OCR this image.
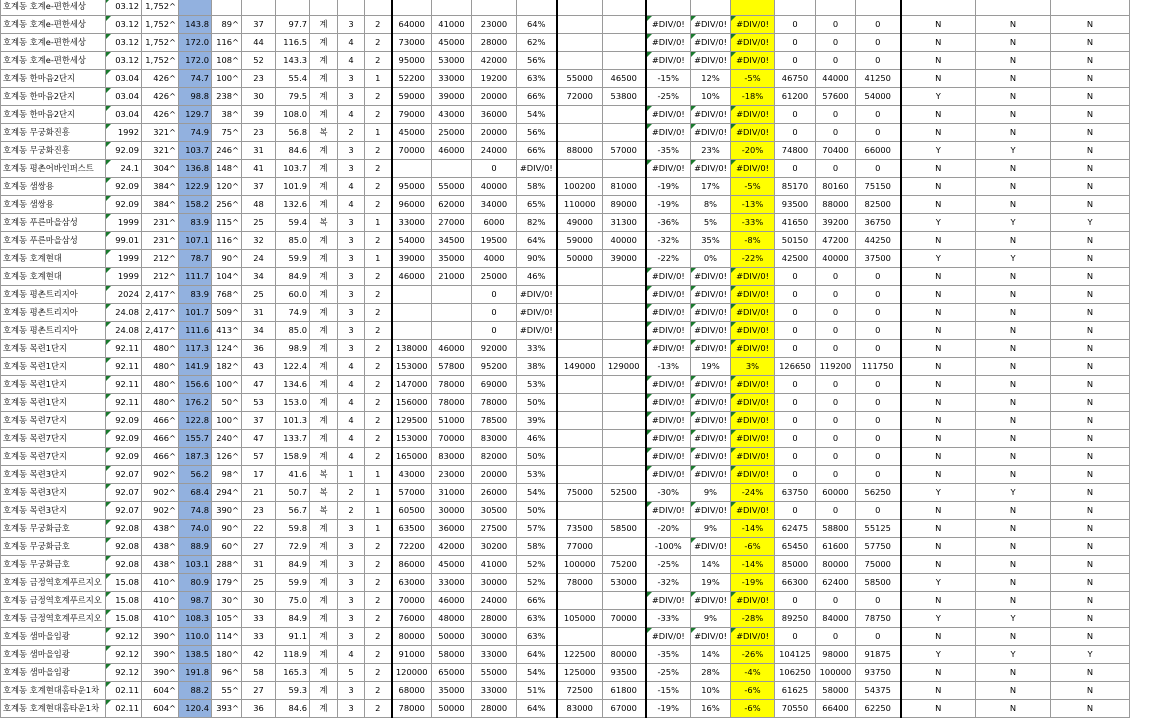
호계동 호계e-편한세상	03.12	1,752^																						
호계동 호계e-편한세상	03.12	1,752^	143.8	89^	37	97.7	계	3	2	64000	41000	23000	64%			#DIV/0!	#DIV/0!	#DIV/0!	0	0	0	N	N	N
호계동 호계e-편한세상	03.12	1,752^	172.0	116^	44	116.5	계	4	2	73000	45000	28000	62%			#DIV/0!	#DIV/0!	#DIV/0!	0	0	0	N	N	N
호계동 호계e-편한세상	03.12	1,752^	172.0	108^	52	143.3	계	4	2	95000	53000	42000	56%			#DIV/0!	#DIV/0!	#DIV/0!	0	0	0	N	N	N
호계동 한마음2단지	03.04	426^	74.7	100^	23	55.4	계	3	1	52200	33000	19200	63%	55000	46500	-15%	12%	-5%	46750	44000	41250	N	N	N
호계동 한마음2단지	03.04	426^	98.8	238^	30	79.5	계	3	2	59000	39000	20000	66%	72000	53800	-25%	10%	-18%	61200	57600	54000	Y	N	N
호계동 한마음2단지	03.04	426^	129.7	38^	39	108.0	계	4	2	79000	43000	36000	54%			#DIV/0!	#DIV/0!	#DIV/0!	0	0	0	N	N	N
호계동 무궁화진흥	1992	321^	74.9	75^	23	56.8	복	2	1	45000	25000	20000	56%			#DIV/0!	#DIV/0!	#DIV/0!	0	0	0	N	N	N
호계동 무궁화진흥	92.09	321^	103.7	246^	31	84.6	계	3	2	70000	46000	24000	66%	88000	57000	-35%	23%	-20%	74800	70400	66000	Y	Y	N
호계동 평촌어바인퍼스트	24.1	304^	136.8	148^	41	103.7	계	3	2			0	#DIV/0!			#DIV/0!	#DIV/0!	#DIV/0!	0	0	0	N	N	N
호계동 샘쌍용	92.09	384^	122.9	120^	37	101.9	계	4	2	95000	55000	40000	58%	100200	81000	-19%	17%	-5%	85170	80160	75150	N	N	N
호계동 샘쌍용	92.09	384^	158.2	256^	48	132.6	계	4	2	96000	62000	34000	65%	110000	89000	-19%	8%	-13%	93500	88000	82500	N	N	N
호계동 푸른마을삼성	1999	231^	83.9	115^	25	59.4	복	3	1	33000	27000	6000	82%	49000	31300	-36%	5%	-33%	41650	39200	36750	Y	Y	Y
호계동 푸른마을삼성	99.01	231^	107.1	116^	32	85.0	계	3	2	54000	34500	19500	64%	59000	40000	-32%	35%	-8%	50150	47200	44250	N	N	N
호계동 호계현대	1999	212^	78.7	90^	24	59.9	계	3	1	39000	35000	4000	90%	50000	39000	-22%	0%	-22%	42500	40000	37500	Y	Y	N
호계동 호계현대	1999	212^	111.7	104^	34	84.9	계	3	2	46000	21000	25000	46%			#DIV/0!	#DIV/0!	#DIV/0!	0	0	0	N	N	N
호계동 평촌트리지아	2024	2,417^	83.9	768^	25	60.0	계	3	2			0	#DIV/0!			#DIV/0!	#DIV/0!	#DIV/0!	0	0	0	N	N	N
호계동 평촌트리지아	24.08	2,417^	101.7	509^	31	74.9	계	3	2			0	#DIV/0!			#DIV/0!	#DIV/0!	#DIV/0!	0	0	0	N	N	N
호계동 평촌트리지아	24.08	2,417^	111.6	413^	34	85.0	계	3	2			0	#DIV/0!			#DIV/0!	#DIV/0!	#DIV/0!	0	0	0	N	N	N
호계동 목련1단지	92.11	480^	117.3	124^	36	98.9	계	3	2	138000	46000	92000	33%			#DIV/0!	#DIV/0!	#DIV/0!	0	0	0	N	N	N
호계동 목련1단지	92.11	480^	141.9	182^	43	122.4	계	4	2	153000	57800	95200	38%	149000	129000	-13%	19%	3%	126650	119200	111750	N	N	N
호계동 목련1단지	92.11	480^	156.6	100^	47	134.6	계	4	2	147000	78000	69000	53%			#DIV/0!	#DIV/0!	#DIV/0!	0	0	0	N	N	N
호계동 목련1단지	92.11	480^	176.2	50^	53	153.0	계	4	2	156000	78000	78000	50%			#DIV/0!	#DIV/0!	#DIV/0!	0	0	0	N	N	N
호계동 목련7단지	92.09	466^	122.8	100^	37	101.3	계	4	2	129500	51000	78500	39%			#DIV/0!	#DIV/0!	#DIV/0!	0	0	0	N	N	N
호계동 목련7단지	92.09	466^	155.7	240^	47	133.7	계	4	2	153000	70000	83000	46%			#DIV/0!	#DIV/0!	#DIV/0!	0	0	0	N	N	N
호계동 목련7단지	92.09	466^	187.3	126^	57	158.9	계	4	2	165000	83000	82000	50%			#DIV/0!	#DIV/0!	#DIV/0!	0	0	0	N	N	N
호계동 목련3단지	92.07	902^	56.2	98^	17	41.6	복	1	1	43000	23000	20000	53%			#DIV/0!	#DIV/0!	#DIV/0!	0	0	0	N	N	N
호계동 목련3단지	92.07	902^	68.4	294^	21	50.7	복	2	1	57000	31000	26000	54%	75000	52500	-30%	9%	-24%	63750	60000	56250	Y	Y	N
호계동 목련3단지	92.07	902^	74.8	390^	23	56.7	복	2	1	60500	30000	30500	50%			#DIV/0!	#DIV/0!	#DIV/0!	0	0	0	N	N	N
호계동 무궁화금호	92.08	438^	74.0	90^	22	59.8	계	3	1	63500	36000	27500	57%	73500	58500	-20%	9%	-14%	62475	58800	55125	N	N	N
호계동 무궁화금호	92.08	438^	88.9	60^	27	72.9	계	3	2	72200	42000	30200	58%	77000		-100%	#DIV/0!	-6%	65450	61600	57750	N	N	N
호계동 무궁화금호	92.08	438^	103.1	288^	31	84.9	계	3	2	86000	45000	41000	52%	100000	75200	-25%	14%	-14%	85000	80000	75000	N	N	N
호계동 금정역호계푸르지오	15.08	410^	80.9	179^	25	59.9	계	3	2	63000	33000	30000	52%	78000	53000	-32%	19%	-19%	66300	62400	58500	Y	N	N
호계동 금정역호계푸르지오	15.08	410^	98.7	30^	30	75.0	계	3	2	70000	46000	24000	66%			#DIV/0!	#DIV/0!	#DIV/0!	0	0	0	N	N	N
호계동 금정역호계푸르지오	15.08	410^	108.3	105^	33	84.9	계	3	2	76000	48000	28000	63%	105000	70000	-33%	9%	-28%	89250	84000	78750	Y	Y	N
호계동 샘마을임광	92.12	390^	110.0	114^	33	91.1	계	3	2	80000	50000	30000	63%			#DIV/0!	#DIV/0!	#DIV/0!	0	0	0	N	N	N
호계동 샘마을임광	92.12	390^	138.5	180^	42	118.9	계	4	2	91000	58000	33000	64%	122500	80000	-35%	14%	-26%	104125	98000	91875	Y	Y	Y
호계동 샘마을임광	92.12	390^	191.8	96^	58	165.3	계	5	2	120000	65000	55000	54%	125000	93500	-25%	28%	-4%	106250	100000	93750	N	N	N
호계동 호계현대홈타운1차	02.11	604^	88.2	55^	27	59.3	계	3	2	68000	35000	33000	51%	72500	61800	-15%	10%	-6%	61625	58000	54375	N	N	N
호계동 호계현대홈타운1차	02.11	604^	120.4	393^	36	84.6	계	3	2	78000	50000	28000	64%	83000	67000	-19%	16%	-6%	70550	66400	62250	N	N	N
